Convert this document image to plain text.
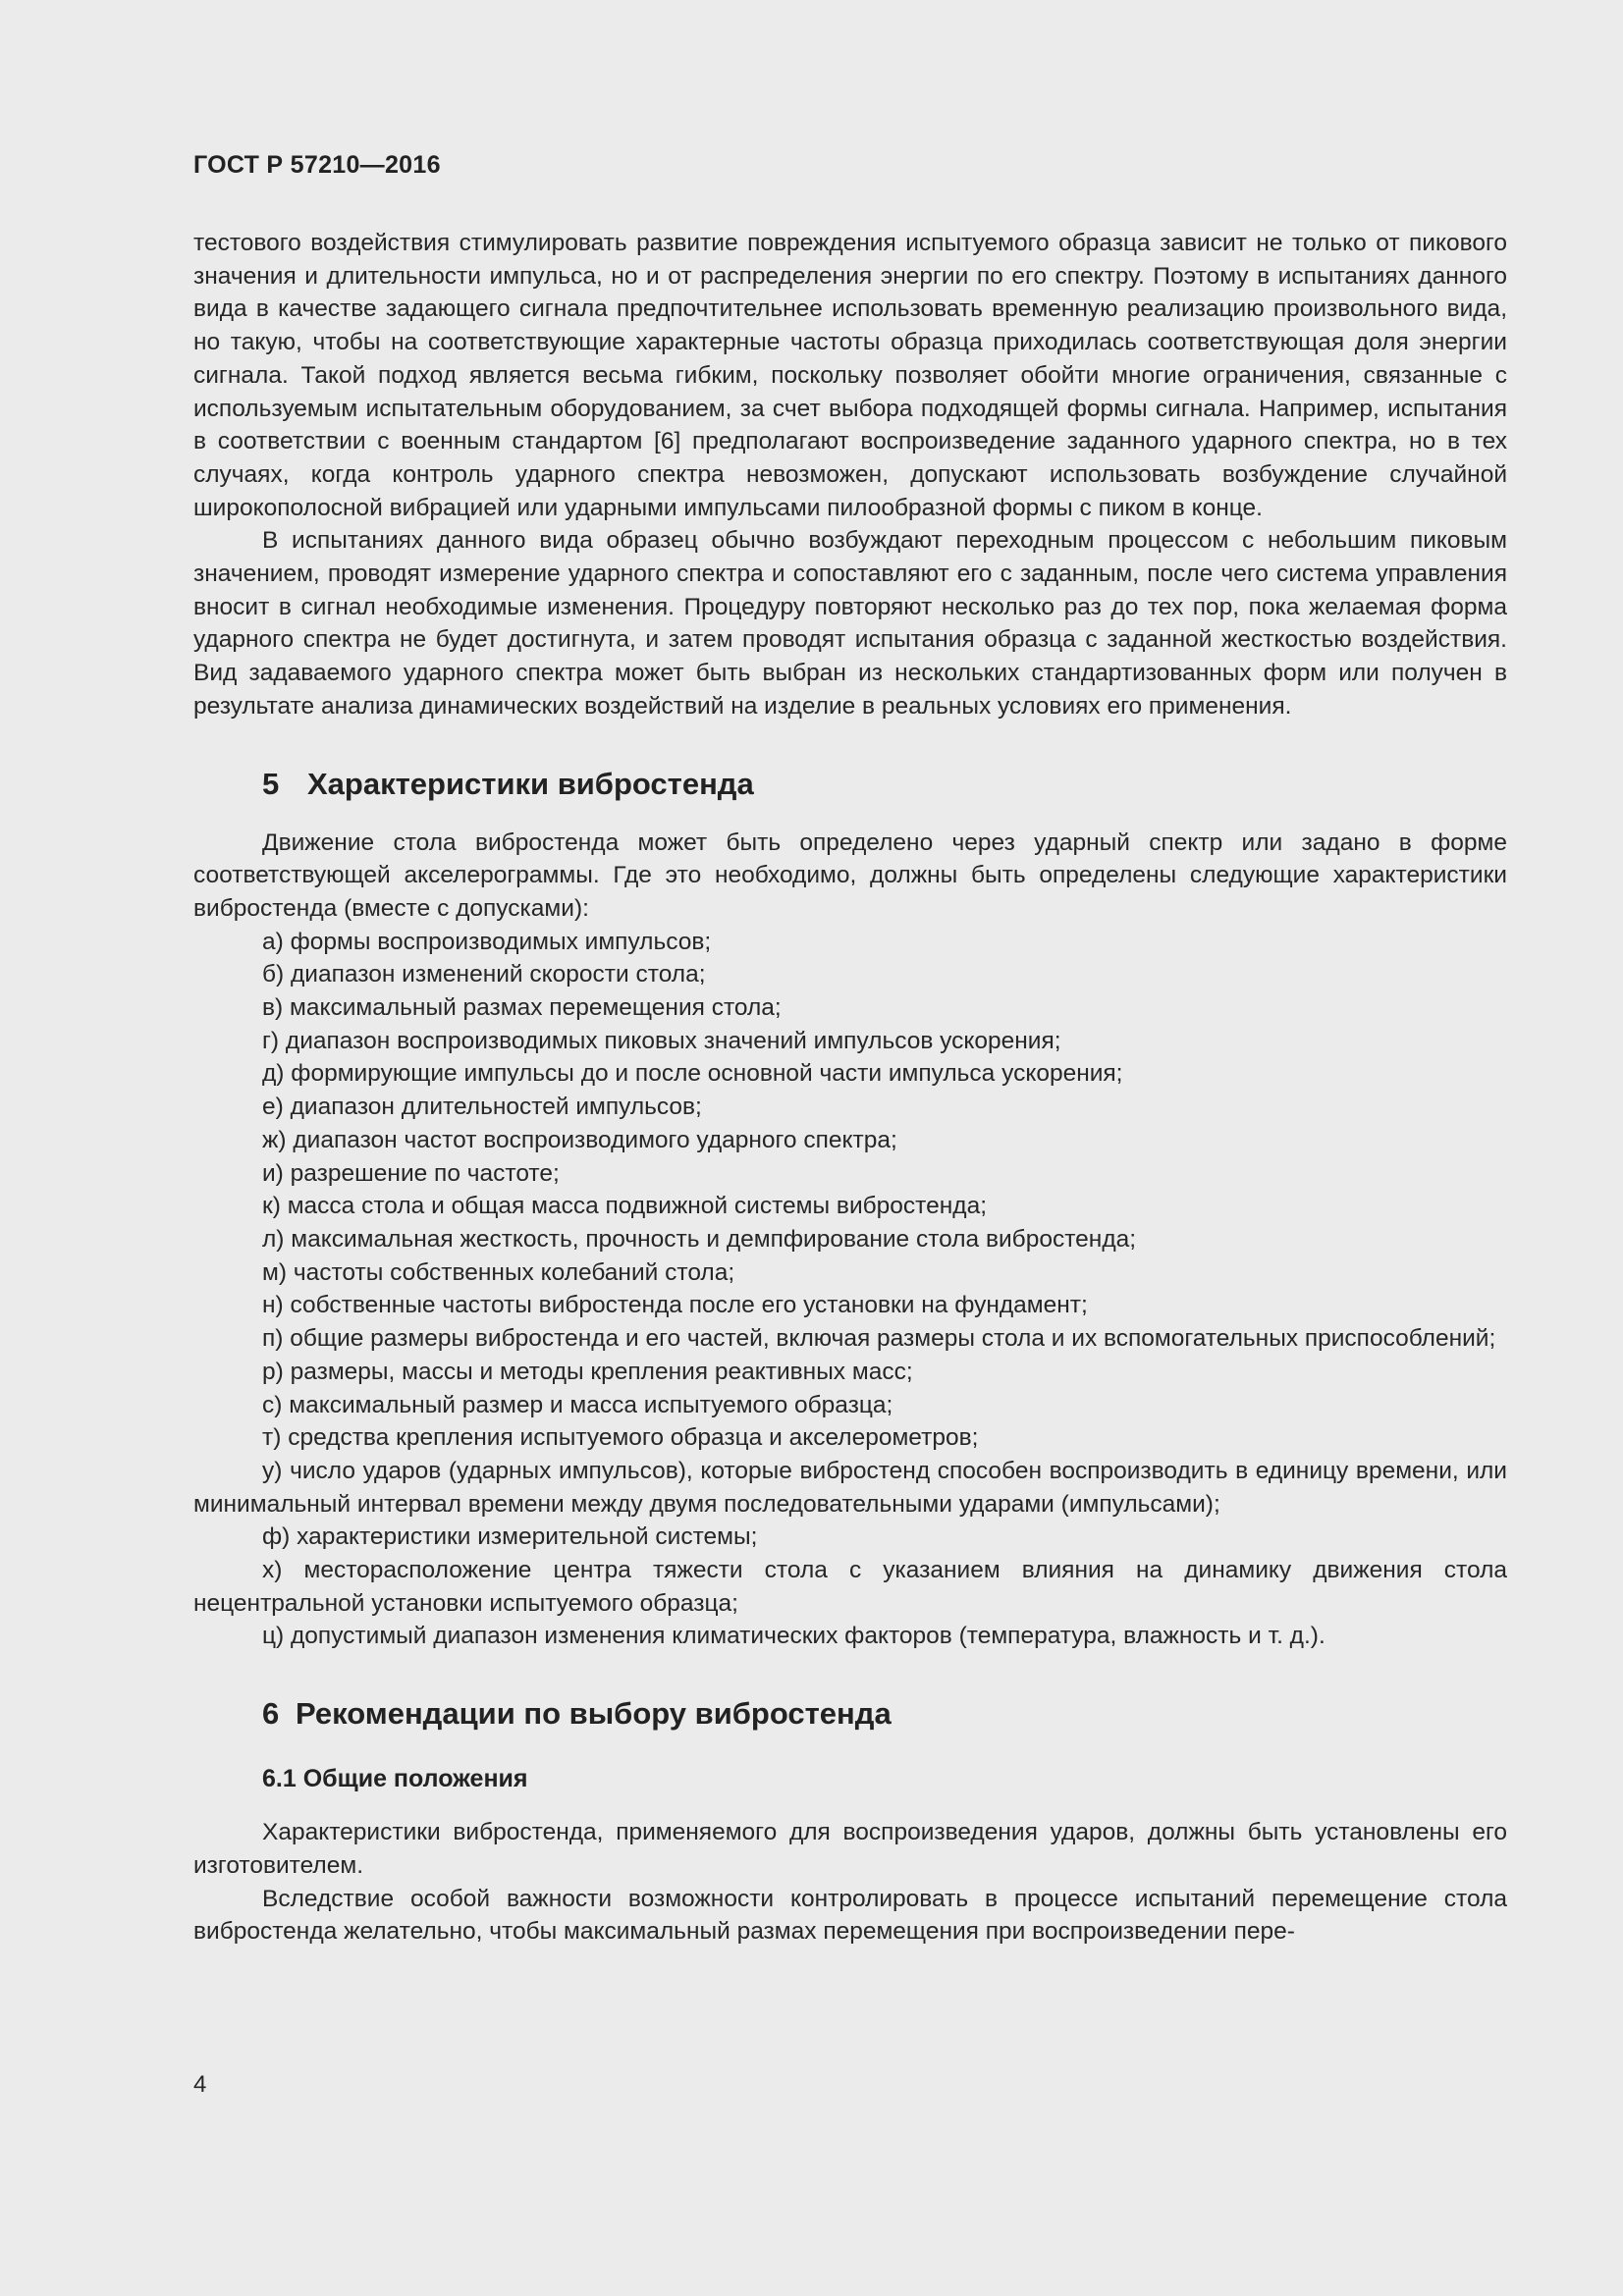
ГОСТ Р 57210—2016

тестового воздействия стимулировать развитие повреждения испытуемого образца зависит не только от пикового значения и длительности импульса, но и от распределения энергии по его спектру. Поэтому в испытаниях данного вида в качестве задающего сигнала предпочтительнее использовать временную реализацию произвольного вида, но такую, чтобы на соответствующие характерные частоты образца приходилась соответствующая доля энергии сигнала. Такой подход является весьма гибким, поскольку позволяет обойти многие ограничения, связанные с используемым испытательным оборудованием, за счет выбора подходящей формы сигнала. Например, испытания в соответствии с военным стандартом [6] предполагают воспроизведение заданного ударного спектра, но в тех случаях, когда контроль ударного спектра невозможен, допускают использовать возбуждение случайной широкополосной вибрацией или ударными импульсами пилообразной формы с пиком в конце.

В испытаниях данного вида образец обычно возбуждают переходным процессом с небольшим пиковым значением, проводят измерение ударного спектра и сопоставляют его с заданным, после чего система управления вносит в сигнал необходимые изменения. Процедуру повторяют несколько раз до тех пор, пока желаемая форма ударного спектра не будет достигнута, и затем проводят испытания образца с заданной жесткостью воздействия. Вид задаваемого ударного спектра может быть выбран из нескольких стандартизованных форм или получен в результате анализа динамических воздействий на изделие в реальных условиях его применения.

5 Характеристики вибростенда

Движение стола вибростенда может быть определено через ударный спектр или задано в форме соответствующей акселерограммы. Где это необходимо, должны быть определены следующие характеристики вибростенда (вместе с допусками):

а) формы воспроизводимых импульсов;

б) диапазон изменений скорости стола;

в) максимальный размах перемещения стола;

г) диапазон воспроизводимых пиковых значений импульсов ускорения;

д) формирующие импульсы до и после основной части импульса ускорения;

е) диапазон длительностей импульсов;

ж) диапазон частот воспроизводимого ударного спектра;

и) разрешение по частоте;

к) масса стола и общая масса подвижной системы вибростенда;

л) максимальная жесткость, прочность и демпфирование стола вибростенда;

м) частоты собственных колебаний стола;

н) собственные частоты вибростенда после его установки на фундамент;

п) общие размеры вибростенда и его частей, включая размеры стола и их вспомогательных приспособлений;

р) размеры, массы и методы крепления реактивных масс;

с) максимальный размер и масса испытуемого образца;

т) средства крепления испытуемого образца и акселерометров;

у) число ударов (ударных импульсов), которые вибростенд способен воспроизводить в единицу времени, или минимальный интервал времени между двумя последовательными ударами (импульсами);

ф) характеристики измерительной системы;

х) месторасположение центра тяжести стола с указанием влияния на динамику движения стола нецентральной установки испытуемого образца;

ц) допустимый диапазон изменения климатических факторов (температура, влажность и т. д.).

6 Рекомендации по выбору вибростенда
6.1 Общие положения

Характеристики вибростенда, применяемого для воспроизведения ударов, должны быть установлены его изготовителем.

Вследствие особой важности возможности контролировать в процессе испытаний перемещение стола вибростенда желательно, чтобы максимальный размах перемещения при воспроизведении пере-

4
